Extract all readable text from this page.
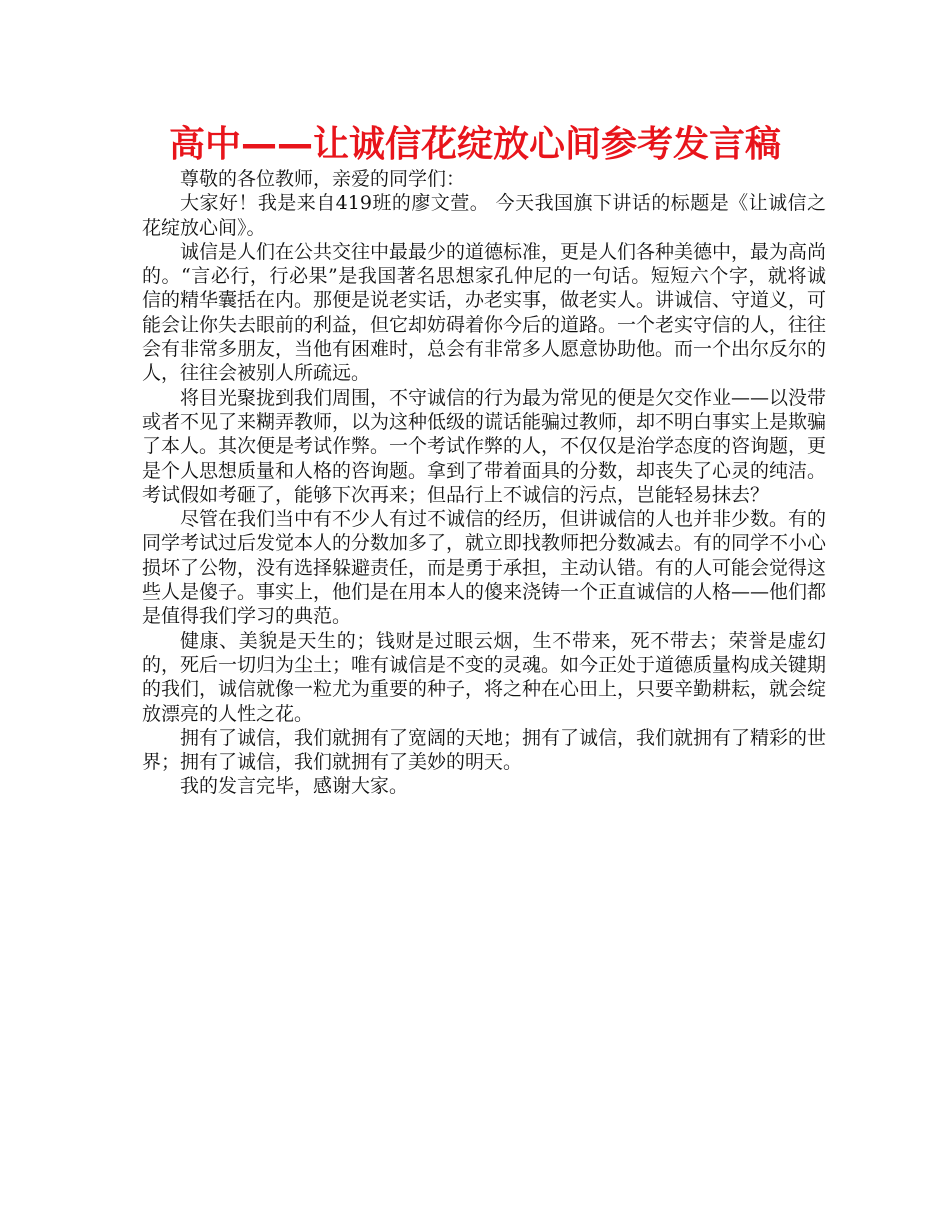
高中——让诚信花绽放心间参考发言稿

尊敬的各位教师，亲爱的同学们：

大家好！我是来自419班的廖文萱。 今天我国旗下讲话的标题是《让诚信之花绽放心间》。

诚信是人们在公共交往中最最少的道德标准，更是人们各种美德中，最为高尚的。“言必行，行必果”是我国著名思想家孔仲尼的一句话。短短六个字，就将诚信的精华囊括在内。那便是说老实话，办老实事，做老实人。讲诚信、守道义，可能会让你失去眼前的利益，但它却妨碍着你今后的道路。一个老实守信的人，往往会有非常多朋友，当他有困难时，总会有非常多人愿意协助他。而一个出尔反尔的人，往往会被别人所疏远。

将目光聚拢到我们周围，不守诚信的行为最为常见的便是欠交作业——以没带或者不见了来糊弄教师，以为这种低级的谎话能骗过教师，却不明白事实上是欺骗了本人。其次便是考试作弊。一个考试作弊的人，不仅仅是治学态度的咨询题，更是个人思想质量和人格的咨询题。拿到了带着面具的分数，却丧失了心灵的纯洁。考试假如考砸了，能够下次再来；但品行上不诚信的污点，岂能轻易抹去？

尽管在我们当中有不少人有过不诚信的经历，但讲诚信的人也并非少数。有的同学考试过后发觉本人的分数加多了，就立即找教师把分数减去。有的同学不小心损坏了公物，没有选择躲避责任，而是勇于承担，主动认错。有的人可能会觉得这些人是傻子。事实上，他们是在用本人的傻来浇铸一个正直诚信的人格——他们都是值得我们学习的典范。

健康、美貌是天生的；钱财是过眼云烟，生不带来，死不带去；荣誉是虚幻的，死后一切归为尘土；唯有诚信是不变的灵魂。如今正处于道德质量构成关键期的我们，诚信就像一粒尤为重要的种子，将之种在心田上，只要辛勤耕耘，就会绽放漂亮的人性之花。

拥有了诚信，我们就拥有了宽阔的天地；拥有了诚信，我们就拥有了精彩的世界；拥有了诚信，我们就拥有了美妙的明天。

我的发言完毕，感谢大家。
